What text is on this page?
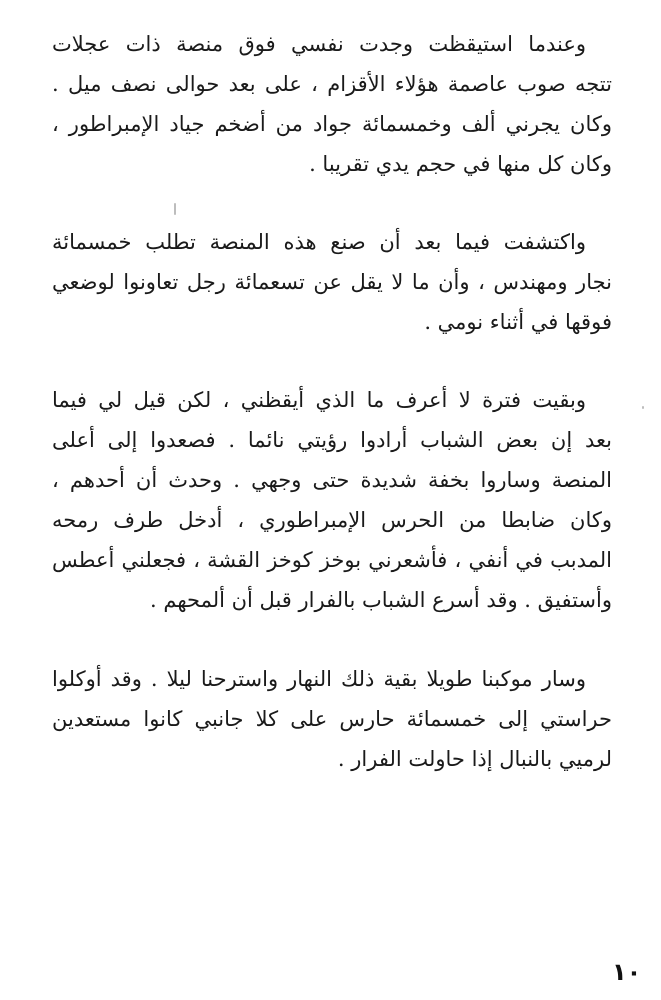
وعندما استيقظت وجدت نفسي فوق منصة ذات عجلات
تتجه صوب عاصمة هؤلاء الأقزام ، على بعد حوالى نصف ميل .
وكان يجرني ألف وخمسمائة جواد من أضخم جياد الإمبراطور ،
وكان كل منها في حجم يدي تقريبا .
واكتشفت فيما بعد أن صنع هذه المنصة تطلب خمسمائة
نجار ومهندس ، وأن ما لا يقل عن تسعمائة رجل تعاونوا لوضعي
فوقها في أثناء نومي .
وبقيت فترة لا أعرف ما الذي أيقظني ، لكن قيل لي فيما
بعد إن بعض الشباب أرادوا رؤيتي نائما . فصعدوا إلى أعلى
المنصة وساروا بخفة شديدة حتى وجهي . وحدث أن أحدهم ،
وكان ضابطا من الحرس الإمبراطوري ، أدخل طرف رمحه
المدبب في أنفي ، فأشعرني بوخز كوخز القشة ، فجعلني أعطس
وأستفيق . وقد أسرع الشباب بالفرار قبل أن ألمحهم .
وسار موكبنا طويلا بقية ذلك النهار واسترحنا ليلا . وقد أوكلوا
حراستي إلى خمسمائة حارس على كلا جانبي كانوا مستعدين
لرميي بالنبال إذا حاولت الفرار .
١٠
